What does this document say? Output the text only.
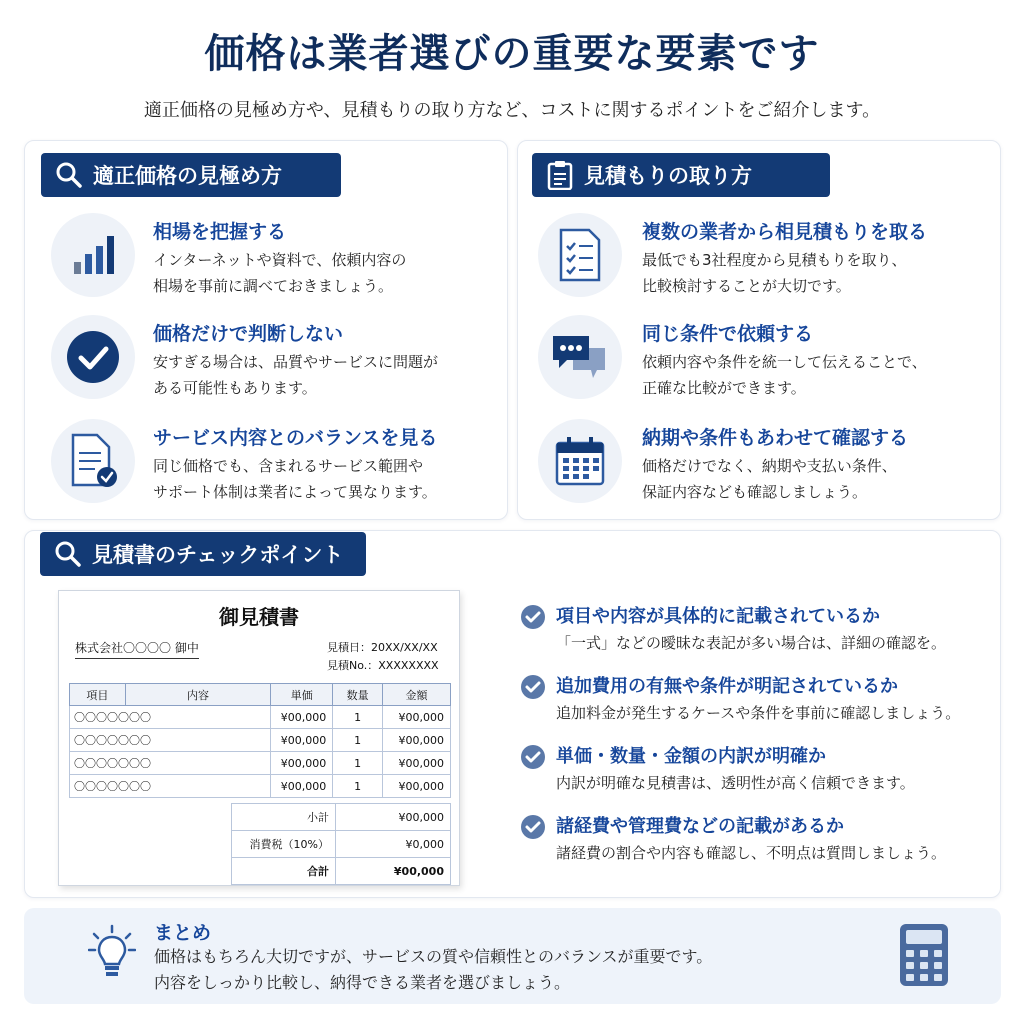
価格は業者選びの重要な要素です
適正価格の見極め方や、見積もりの取り方など、コストに関するポイントをご紹介します。
適正価格の見極め方
相場を把握する
インターネットや資料で、依頼内容の
相場を事前に調べておきましょう。
価格だけで判断しない
安すぎる場合は、品質やサービスに問題が
ある可能性もあります。
サービス内容とのバランスを見る
同じ価格でも、含まれるサービス範囲や
サポート体制は業者によって異なります。
見積もりの取り方
複数の業者から相見積もりを取る
最低でも3社程度から見積もりを取り、
比較検討することが大切です。
同じ条件で依頼する
依頼内容や条件を統一して伝えることで、
正確な比較ができます。
納期や条件もあわせて確認する
価格だけでなく、納期や支払い条件、
保証内容なども確認しましょう。
見積書のチェックポイント
御見積書
株式会社〇〇〇〇 御中	見積日：20XX/XX/XX
見積No.：XXXXXXXX
項目	内容	単価	数量	金額
〇〇〇〇〇〇〇		¥00,000	1	¥00,000
〇〇〇〇〇〇〇		¥00,000	1	¥00,000
〇〇〇〇〇〇〇		¥00,000	1	¥00,000
〇〇〇〇〇〇〇		¥00,000	1	¥00,000
小計	¥00,000
消費税（10%）	¥0,000
合計	¥00,000
項目や内容が具体的に記載されているか
「一式」などの曖昧な表記が多い場合は、詳細の確認を。
追加費用の有無や条件が明記されているか
追加料金が発生するケースや条件を事前に確認しましょう。
単価・数量・金額の内訳が明確か
内訳が明確な見積書は、透明性が高く信頼できます。
諸経費や管理費などの記載があるか
諸経費の割合や内容も確認し、不明点は質問しましょう。
まとめ
価格はもちろん大切ですが、サービスの質や信頼性とのバランスが重要です。
内容をしっかり比較し、納得できる業者を選びましょう。
